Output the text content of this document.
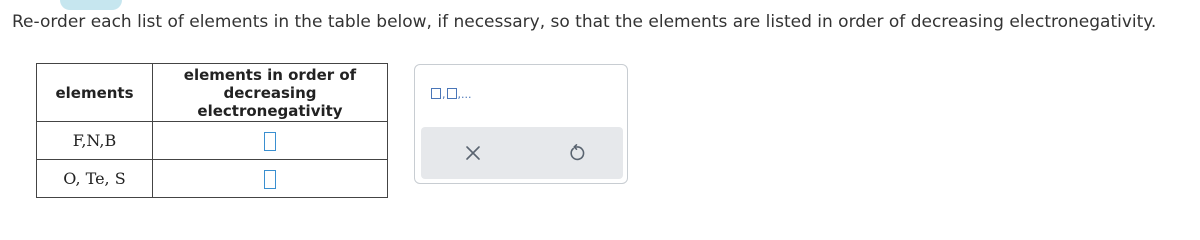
Re-order each list of elements in the table below, if necessary, so that the elements are listed in order of decreasing electronegativity.
elements	elements in order of
decreasing electronegativity
F,N,B	
O, Te, S	
, ,...
